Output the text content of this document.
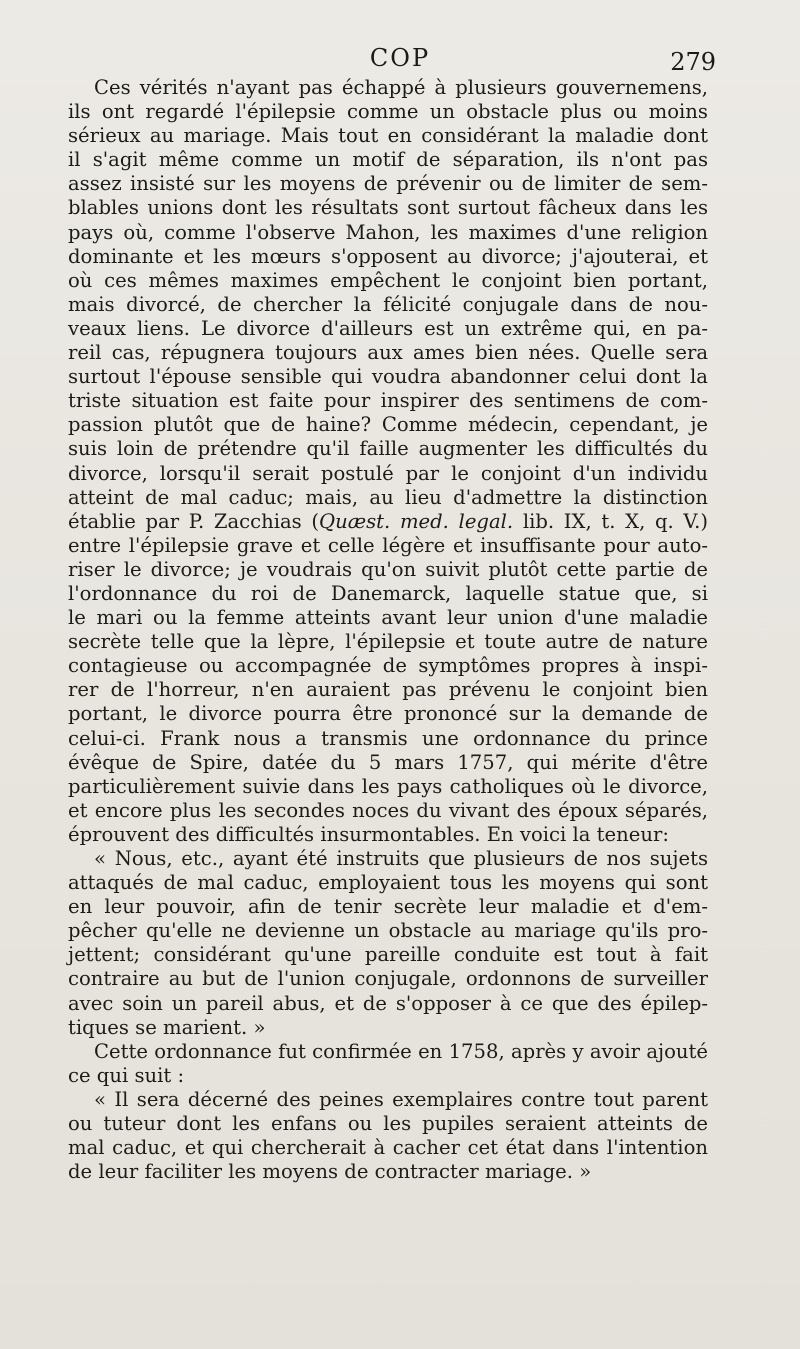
COP	279

Ces vérités n'ayant pas échappé à plusieurs gouvernemens,
ils ont regardé l'épilepsie comme un obstacle plus ou moins
sérieux au mariage. Mais tout en considérant la maladie dont
il s'agit même comme un motif de séparation, ils n'ont pas
assez insisté sur les moyens de prévenir ou de limiter de sem-
blables unions dont les résultats sont surtout fâcheux dans les
pays où, comme l'observe Mahon, les maximes d'une religion
dominante et les mœurs s'opposent au divorce; j'ajouterai, et
où ces mêmes maximes empêchent le conjoint bien portant,
mais divorcé, de chercher la félicité conjugale dans de nou-
veaux liens. Le divorce d'ailleurs est un extrême qui, en pa-
reil cas, répugnera toujours aux ames bien nées. Quelle sera
surtout l'épouse sensible qui voudra abandonner celui dont la
triste situation est faite pour inspirer des sentimens de com-
passion plutôt que de haine? Comme médecin, cependant, je
suis loin de prétendre qu'il faille augmenter les difficultés du
divorce, lorsqu'il serait postulé par le conjoint d'un individu
atteint de mal caduc; mais, au lieu d'admettre la distinction
établie par P. Zacchias (Quæst. med. legal. lib. IX, t. X, q. V.)
entre l'épilepsie grave et celle légère et insuffisante pour auto-
riser le divorce; je voudrais qu'on suivit plutôt cette partie de
l'ordonnance du roi de Danemarck, laquelle statue que, si
le mari ou la femme atteints avant leur union d'une maladie
secrète telle que la lèpre, l'épilepsie et toute autre de nature
contagieuse ou accompagnée de symptômes propres à inspi-
rer de l'horreur, n'en auraient pas prévenu le conjoint bien
portant, le divorce pourra être prononcé sur la demande de
celui-ci. Frank nous a transmis une ordonnance du prince
évêque de Spire, datée du 5 mars 1757, qui mérite d'être
particulièrement suivie dans les pays catholiques où le divorce,
et encore plus les secondes noces du vivant des époux séparés,
éprouvent des difficultés insurmontables. En voici la teneur:

« Nous, etc., ayant été instruits que plusieurs de nos sujets
attaqués de mal caduc, employaient tous les moyens qui sont
en leur pouvoir, afin de tenir secrète leur maladie et d'em-
pêcher qu'elle ne devienne un obstacle au mariage qu'ils pro-
jettent; considérant qu'une pareille conduite est tout à fait
contraire au but de l'union conjugale, ordonnons de surveiller
avec soin un pareil abus, et de s'opposer à ce que des épilep-
tiques se marient. »

Cette ordonnance fut confirmée en 1758, après y avoir ajouté
ce qui suit :

« Il sera décerné des peines exemplaires contre tout parent
ou tuteur dont les enfans ou les pupiles seraient atteints de
mal caduc, et qui chercherait à cacher cet état dans l'intention
de leur faciliter les moyens de contracter mariage. »
